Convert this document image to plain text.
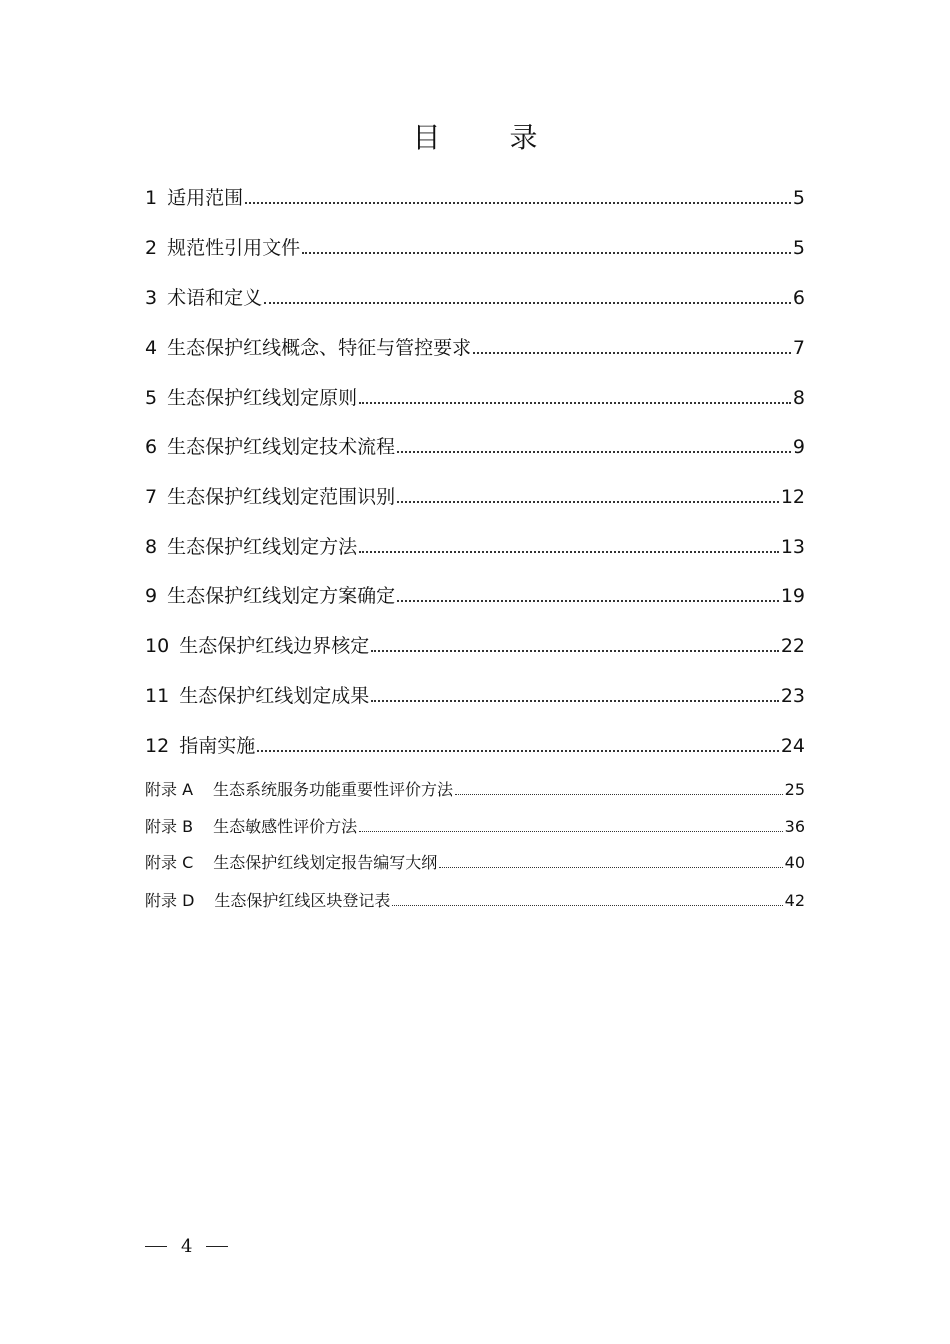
目 录
1 适用范围	5
2 规范性引用文件	5
3 术语和定义	6
4 生态保护红线概念、特征与管控要求	7
5 生态保护红线划定原则	8
6 生态保护红线划定技术流程	9
7 生态保护红线划定范围识别	12
8 生态保护红线划定方法	13
9 生态保护红线划定方案确定	19
10 生态保护红线边界核定	22
11 生态保护红线划定成果	23
12 指南实施	24
附录 A	生态系统服务功能重要性评价方法	25
附录 B	生态敏感性评价方法	36
附录 C	生态保护红线划定报告编写大纲	40
附录 D	生态保护红线区块登记表	42
4
